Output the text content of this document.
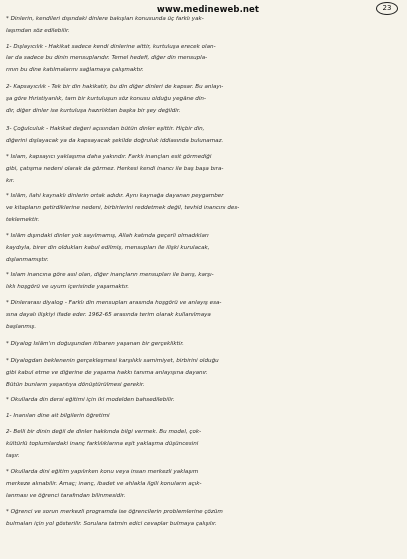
www.medineweb.net	23
* Dinlerin, kendileri dışındaki dinlere bakışları konusunda üç farklı yak-
laşımdan söz edilebilir.
1- Dışlayıcılık - Hakikat sadece kendi dinlerine aittir, kurtuluşa erecek olan-
lar da sadece bu dinin mensuplarıdır. Temel hedefi, diğer din mensupla-
rının bu dine katılmalarını sağlamaya çalışmaktır.
2- Kapsayıcılık - Tek bir din hakikatir, bu din diğer dinleri de kapsar. Bu anlayı-
şa göre Hıristiyanlık, tam bir kurtuluşun söz konusu olduğu yegâne din-
dir, diğer dinler ise kurtuluşa hazırlıktan başka bir şey değildir.
3- Çoğulculuk - Hakikat değeri açısından bütün dinler eşittir. Hiçbir din,
diğerini dışlayacak ya da kapsayacak şekilde doğruluk iddiasında bulunamaz.
* İslam, kapsayıcı yaklaşıma daha yakındır. Farklı inançları esit görmediği
gibi, çatışma nedeni olarak da görmez. Herkesi kendi inancı ile baş başa bıra-
kır.
* İslâm, ilahi kaynaklı dinlerin ortak adıdır. Aynı kaynağa dayanan peygamber
ve kitapların getirdiklerine nedeni, birbirlerini reddetmek değil, tevhid inancını des-
teklemektir.
* İslâm dışındaki dinler yok sayılmamış, Allah katında geçerli olmadıkları
kaydıyla, birer din oldukları kabul edilmiş, mensupları ile ilişki kurulacak,
dışlanmamıştır.
* İslam inancına göre asıl olan, diğer inançların mensupları ile barış, karşı-
lıklı hoşgörü ve uyum içerisinde yaşamaktır.
* Dinlerarası diyalog - Farklı din mensupları arasında hoşgörü ve anlayış esa-
sına dayalı ilişkiyi ifade eder. 1962-65 arasında terim olarak kullanılmaya
başlanmış.
* Diyalog İslâm'ın doğuşundan itibaren yaşanan bir gerçekliktir.
* Diyalogdan beklenenin gerçekleşmesi karşılıklı samimiyet, birbirini olduğu
gibi kabul etme ve diğerine de yaşama hakkı tanıma anlayışına dayanır.
Bütün bunların yaşantıya dönüştürülmesi gerekir.
* Okullarda din dersi eğitimi için iki modelden bahsedilebilir.
1- İnanılan dine ait bilgilerin öğretimi
2- Belli bir dinin değil de dinler hakkında bilgi vermek. Bu model, çok-
kültürlü toplumlardaki inanç farklılıklarına eşit yaklaşma düşüncesini
taşır.
* Okullarda dini eğitim yapılırken konu veya insan merkezli yaklaşım
merkeze alınabilir. Amaç; inanç, ibadet ve ahlakla ilgili konuların açık-
lanması ve öğrenci tarafından bilinmesidir.
* Öğrenci ve sorun merkezli programda ise öğrencilerin problemlerine çözüm
bulmaları için yol gösterilir. Sorulara tatmin edici cevaplar bulmaya çalışılır.
